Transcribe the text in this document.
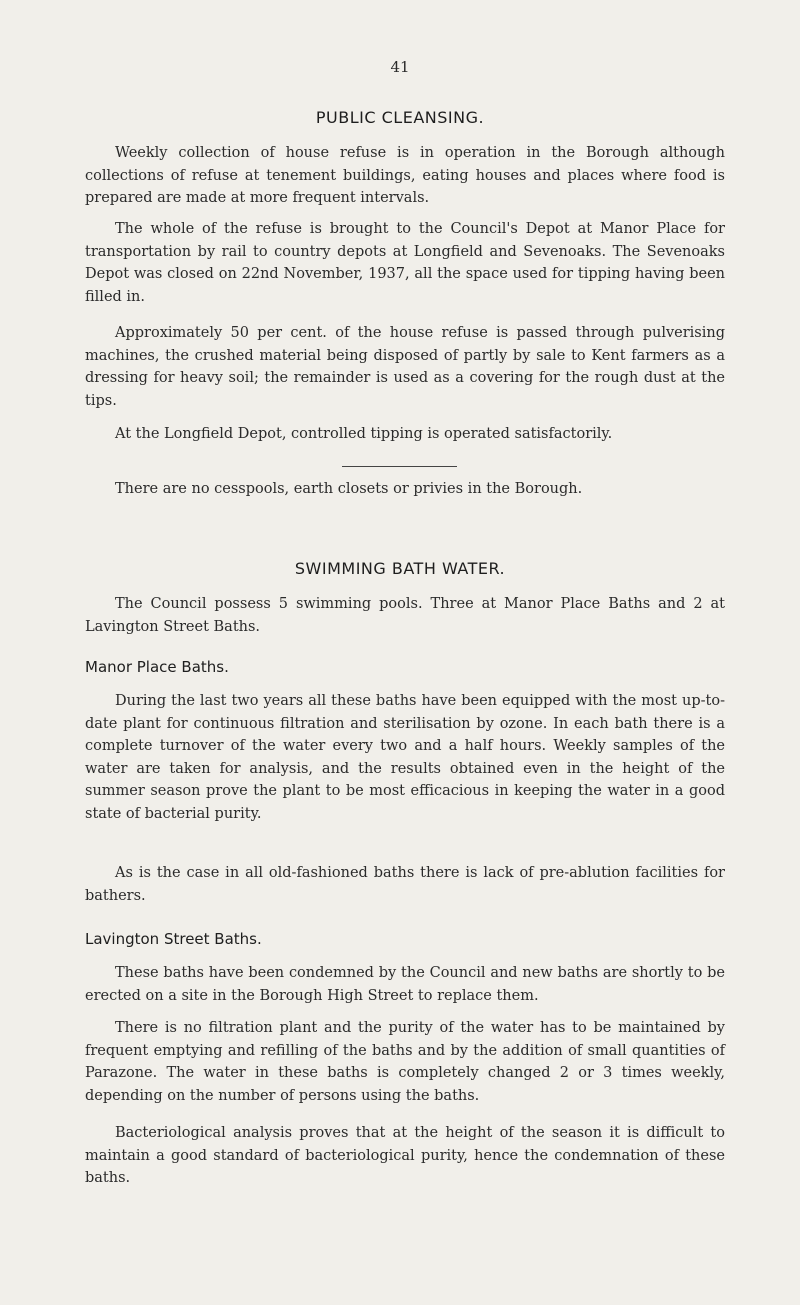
41
PUBLIC CLEANSING.

Weekly collection of house refuse is in operation in the Borough although collections of refuse at tenement buildings, eating houses and places where food is prepared are made at more frequent intervals.

The whole of the refuse is brought to the Council's Depot at Manor Place for transportation by rail to country depots at Longfield and Sevenoaks. The Sevenoaks Depot was closed on 22nd November, 1937, all the space used for tipping having been filled in.

Approximately 50 per cent. of the house refuse is passed through pulverising machines, the crushed material being disposed of partly by sale to Kent farmers as a dressing for heavy soil; the remainder is used as a covering for the rough dust at the tips.

At the Longfield Depot, controlled tipping is operated satisfactorily.

There are no cesspools, earth closets or privies in the Borough.

SWIMMING BATH WATER.

The Council possess 5 swimming pools. Three at Manor Place Baths and 2 at Lavington Street Baths.

Manor Place Baths.

During the last two years all these baths have been equipped with the most up-to-date plant for continuous filtration and sterilisation by ozone. In each bath there is a complete turnover of the water every two and a half hours. Weekly samples of the water are taken for analysis, and the results obtained even in the height of the summer season prove the plant to be most efficacious in keeping the water in a good state of bacterial purity.

As is the case in all old-fashioned baths there is lack of pre-ablution facilities for bathers.

Lavington Street Baths.

These baths have been condemned by the Council and new baths are shortly to be erected on a site in the Borough High Street to replace them.

There is no filtration plant and the purity of the water has to be maintained by frequent emptying and refilling of the baths and by the addition of small quantities of Parazone. The water in these baths is completely changed 2 or 3 times weekly, depending on the number of persons using the baths.

Bacteriological analysis proves that at the height of the season it is difficult to maintain a good standard of bacteriological purity, hence the condemnation of these baths.
